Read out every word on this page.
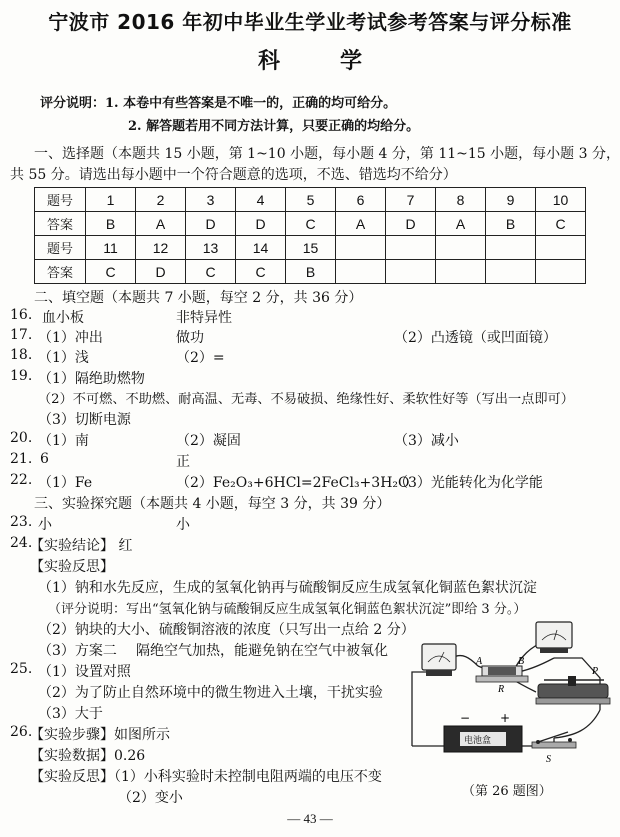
宁波市 2016 年初中毕业生学业考试参考答案与评分标准
科学
评分说明：1. 本卷中有些答案是不唯一的，正确的均可给分。
2. 解答题若用不同方法计算，只要正确的均给分。
一、选择题（本题共 15 小题，第 1~10 小题，每小题 4 分，第 11~15 小题，每小题 3 分，
共 55 分。请选出每小题中一个符合题意的选项，不选、错选均不给分）
题号	1	2	3	4	5	6	7	8	9	10
答案	B	A	D	D	C	A	D	A	B	C
题号	11	12	13	14	15					
答案	C	D	C	C	B					
二、填空题（本题共 7 小题，每空 2 分，共 36 分）
16. 血小板	非特异性
17. （1）冲出	做功	（2）凸透镜（或凹面镜）
18. （1）浅	（2）=
19. （1）隔绝助燃物
（2）不可燃、不助燃、耐高温、无毒、不易破损、绝缘性好、柔软性好等（写出一点即可）
（3）切断电源
20. （1）南	（2）凝固	（3）减小
21. 6	正
22. （1）Fe	（2）Fe₂O₃+6HCl=2FeCl₃+3H₂O
（3）光能转化为化学能
三、实验探究题（本题共 4 小题，每空 3 分，共 39 分）
23. 小	小
24.
【实验结论】 红
【实验反思】
（1）钠和水先反应，生成的氢氧化钠再与硫酸铜反应生成氢氧化铜蓝色絮状沉淀
（评分说明：写出“氢氧化钠与硫酸铜反应生成氢氧化铜蓝色絮状沉淀”即给 3 分。）
（2）钠块的大小、硫酸铜溶液的浓度（只写出一点给 2 分）
（3）方案二 隔绝空气加热，能避免钠在空气中被氧化
25. （1）设置对照
（2）为了防止自然环境中的微生物进入土壤，干扰实验
（3）大于
26.
【实验步骤】如图所示
【实验数据】0.26
【实验反思】（1）小科实验时未控制电阻两端的电压不变
（2）变小
A	B
R
P
S
− +
电池盒
（第 26 题图）
— 43 —
